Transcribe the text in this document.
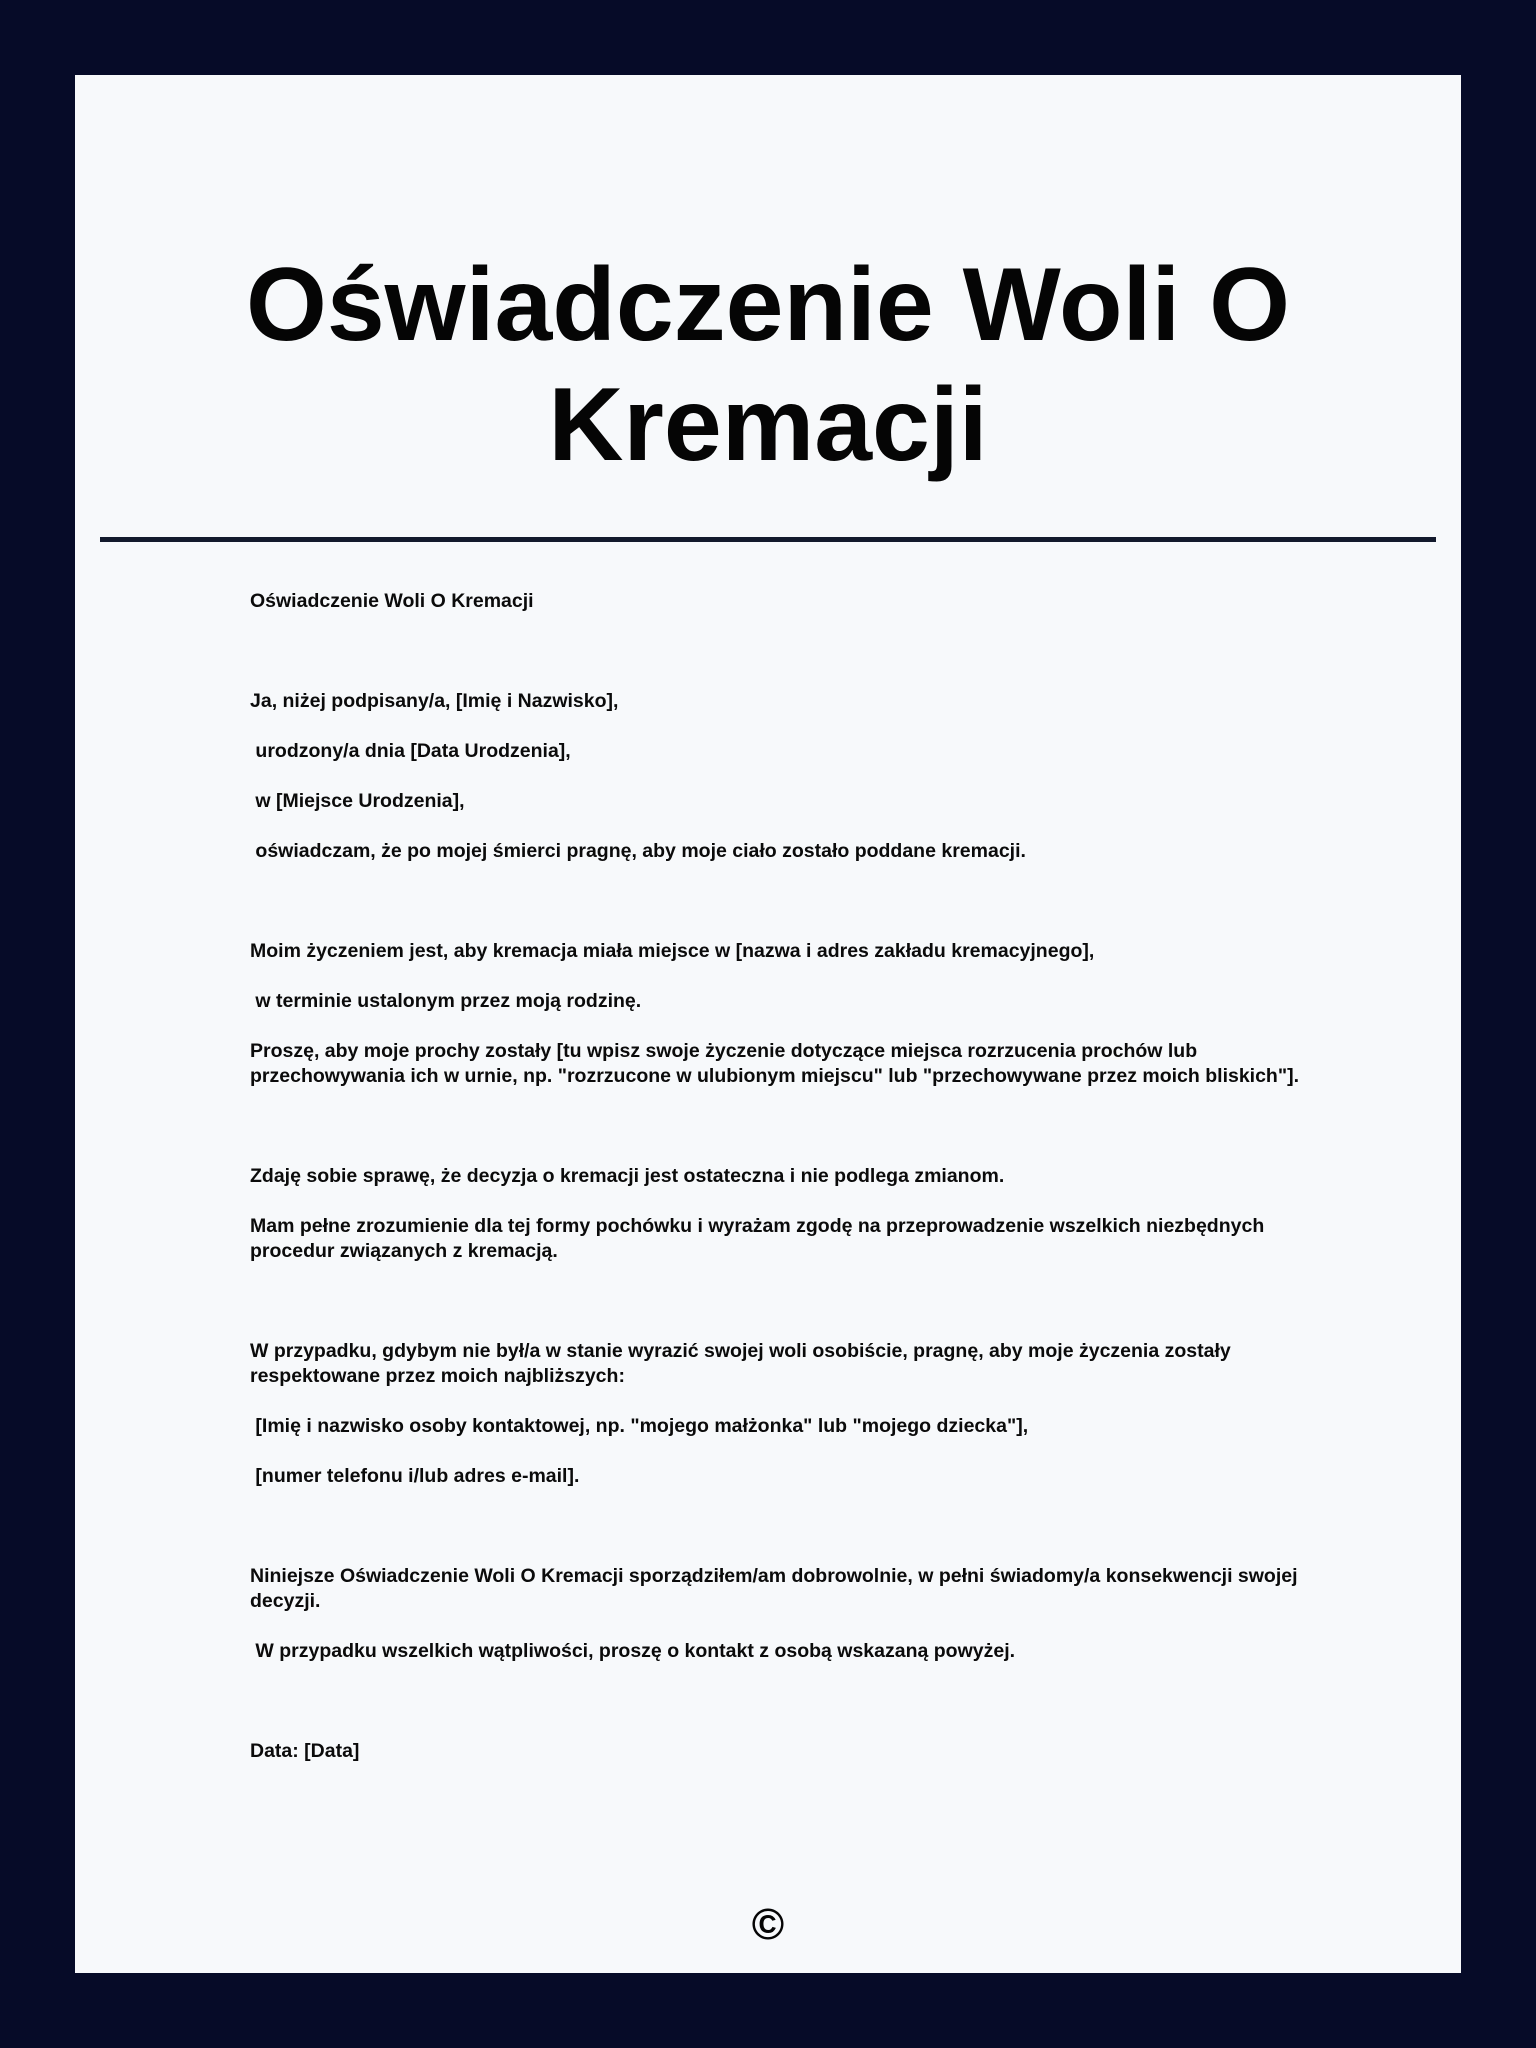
Oświadczenie Woli O Kremacji

Oświadczenie Woli O Kremacji

Ja, niżej podpisany/a, [Imię i Nazwisko],

urodzony/a dnia [Data Urodzenia],

w [Miejsce Urodzenia],

oświadczam, że po mojej śmierci pragnę, aby moje ciało zostało poddane kremacji.

Moim życzeniem jest, aby kremacja miała miejsce w [nazwa i adres zakładu kremacyjnego],

w terminie ustalonym przez moją rodzinę.

Proszę, aby moje prochy zostały [tu wpisz swoje życzenie dotyczące miejsca rozrzucenia prochów lub przechowywania ich w urnie, np. "rozrzucone w ulubionym miejscu" lub "przechowywane przez moich bliskich"].

Zdaję sobie sprawę, że decyzja o kremacji jest ostateczna i nie podlega zmianom.

Mam pełne zrozumienie dla tej formy pochówku i wyrażam zgodę na przeprowadzenie wszelkich niezbędnych procedur związanych z kremacją.

W przypadku, gdybym nie był/a w stanie wyrazić swojej woli osobiście, pragnę, aby moje życzenia zostały respektowane przez moich najbliższych:

[Imię i nazwisko osoby kontaktowej, np. "mojego małżonka" lub "mojego dziecka"],

[numer telefonu i/lub adres e-mail].

Niniejsze Oświadczenie Woli O Kremacji sporządziłem/am dobrowolnie, w pełni świadomy/a konsekwencji swojej decyzji.

W przypadku wszelkich wątpliwości, proszę o kontakt z osobą wskazaną powyżej.

Data: [Data]

©
